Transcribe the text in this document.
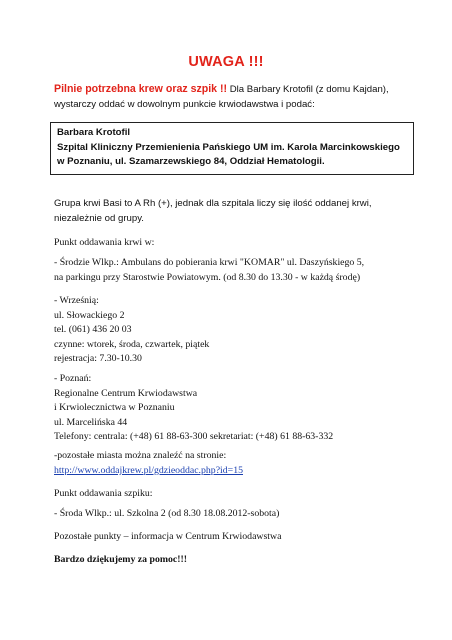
UWAGA !!!
Pilnie potrzebna krew oraz szpik !! Dla Barbary Krotofil (z domu Kajdan),
wystarczy oddać w dowolnym punkcie krwiodawstwa i podać:
Barbara Krotofil
Szpital Kliniczny Przemienienia Pańskiego UM im. Karola Marcinkowskiego
w Poznaniu, ul. Szamarzewskiego 84, Oddział Hematologii.
Grupa krwi Basi to A Rh (+), jednak dla szpitala liczy się ilość oddanej krwi,
niezależnie od grupy.
Punkt oddawania krwi w:
- Środzie Wlkp.: Ambulans do pobierania krwi "KOMAR" ul. Daszyńskiego 5,
na parkingu przy Starostwie Powiatowym. (od 8.30 do 13.30 - w każdą środę)
- Wrześnią:
ul. Słowackiego 2
tel. (061) 436 20 03
czynne: wtorek, środa, czwartek, piątek
rejestracja: 7.30-10.30
- Poznań:
Regionalne Centrum Krwiodawstwa
i Krwiolecznictwa w Poznaniu
ul. Marcelińska 44
Telefony: centrala: (+48) 61 88-63-300 sekretariat: (+48) 61 88-63-332
-pozostałe miasta można znaleźć na stronie:
http://www.oddajkrew.pl/gdzieoddac.php?id=15
Punkt oddawania szpiku:
- Środa Wlkp.: ul. Szkolna 2 (od 8.30 18.08.2012-sobota)
Pozostałe punkty – informacja w Centrum Krwiodawstwa
Bardzo dziękujemy za pomoc!!!
